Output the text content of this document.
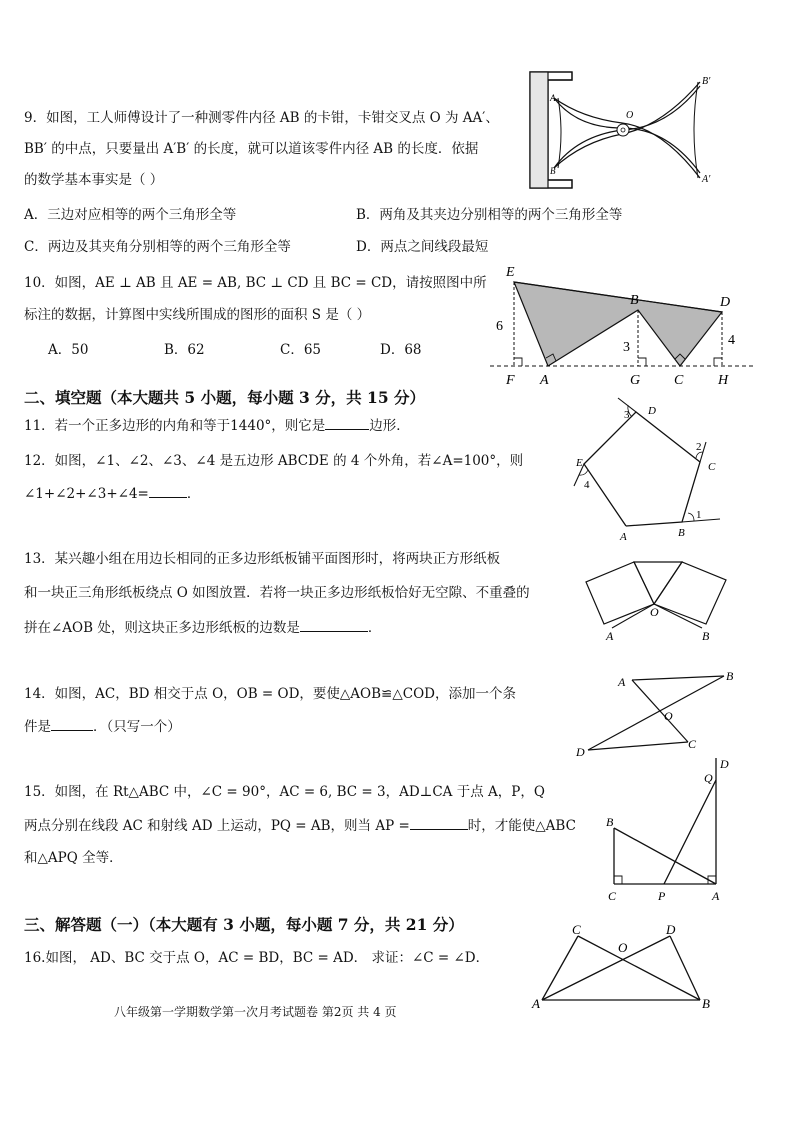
9．如图，工人师傅设计了一种测零件内径 AB 的卡钳，卡钳交叉点 O 为 AA′、
BB′ 的中点，只要量出 A′B′ 的长度，就可以道该零件内径 AB 的长度．依据
的数学基本事实是（ ）
A．三边对应相等的两个三角形全等	B．两角及其夹边分别相等的两个三角形全等
C．两边及其夹角分别相等的两个三角形全等	D．两点之间线段最短
A
B
O
B′
A′
10．如图，AE ⊥ AB 且 AE = AB, BC ⊥ CD 且 BC = CD，请按照图中所
标注的数据，计算图中实线所围成的图形的面积 S 是（ ）
A．50	B．62	C．65	D．68
E
B	D
F A	G C H
6
3	4
二、填空题（本大题共 5 小题，每小题 3 分，共 15 分）
11．若一个正多边形的内角和等于1440°，则它是	边形．
12．如图，∠1、∠2、∠3、∠4 是五边形 ABCDE 的 4 个外角，若∠A=100°，则
∠1+∠2+∠3+∠4=	．
D
C
E
A	B
1
2
3
4
13．某兴趣小组在用边长相同的正多边形纸板铺平面图形时，将两块正方形纸板
和一块正三角形纸板绕点 O 如图放置．若将一块正多边形纸板恰好无空隙、不重叠的
拼在∠AOB 处，则这块正多边形纸板的边数是	．
O
A	B
14．如图，AC，BD 相交于点 O，OB = OD，要使△AOB≌△COD，添加一个条
件是	．（只写一个）
A	B
O
D
C
15．如图，在 Rt△ABC 中，∠C = 90°，AC = 6, BC = 3，AD⊥CA 于点 A，P，Q
两点分别在线段 AC 和射线 AD 上运动，PQ = AB，则当 AP =	时，才能使△ABC
和△APQ 全等．
Q
D
B
C	P	A
三、解答题（一）（本大题有 3 小题，每小题 7 分，共 21 分）
16.如图， AD、BC 交于点 O，AC = BD，BC = AD． 求证：∠C = ∠D．
C
O
D
A	B
八年级第一学期数学第一次月考试题卷 第2页 共 4 页
